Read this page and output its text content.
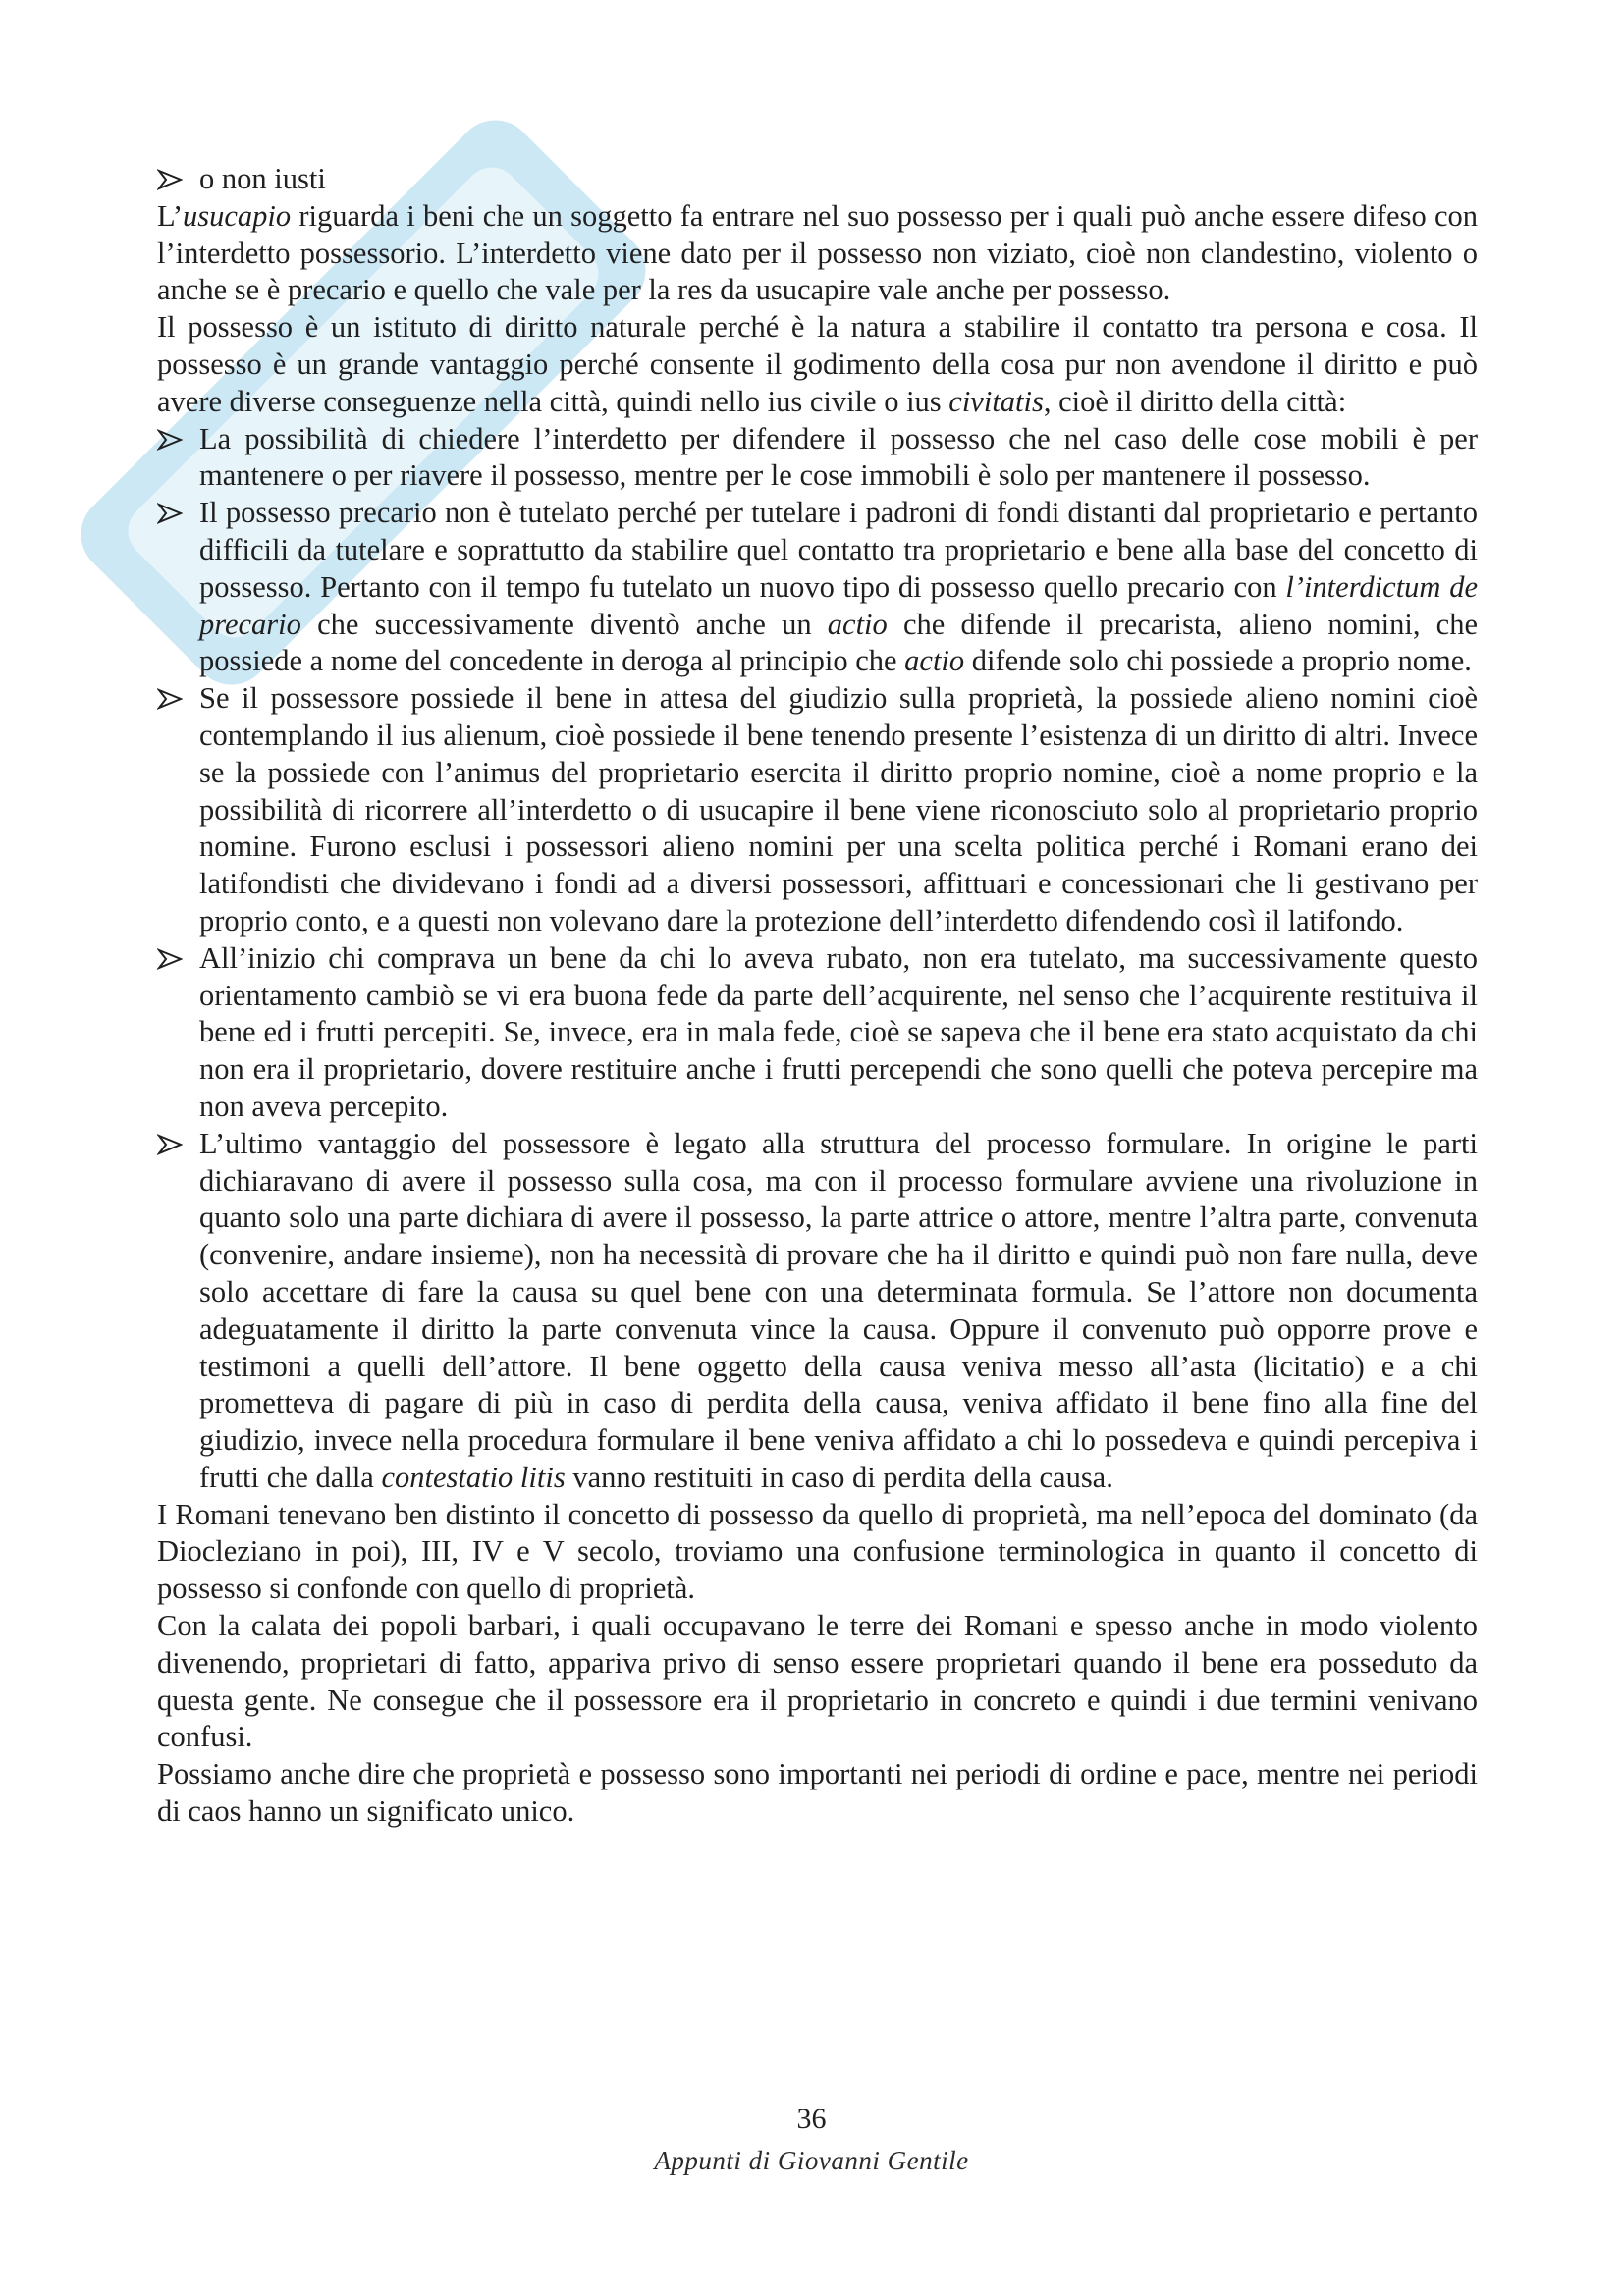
o non iusti

L’usucapio riguarda i beni che un soggetto fa entrare nel suo possesso per i quali può anche essere difeso con l’interdetto possessorio. L’interdetto viene dato per il possesso non viziato, cioè non clandestino, violento o anche se è precario e quello che vale per la res da usucapire vale anche per possesso.

Il possesso è un istituto di diritto naturale perché è la natura a stabilire il contatto tra persona e cosa. Il possesso è un grande vantaggio perché consente il godimento della cosa pur non avendone il diritto e può avere diverse conseguenze nella città, quindi nello ius civile o ius civitatis, cioè il diritto della città:

La possibilità di chiedere l’interdetto per difendere il possesso che nel caso delle cose mobili è per mantenere o per riavere il possesso, mentre per le cose immobili è solo per mantenere il possesso.
Il possesso precario non è tutelato perché per tutelare i padroni di fondi distanti dal proprietario e pertanto difficili da tutelare e soprattutto da stabilire quel contatto tra proprietario e bene alla base del concetto di possesso. Pertanto con il tempo fu tutelato un nuovo tipo di possesso quello precario con l’interdictum de precario che successivamente diventò anche un actio che difende il precarista, alieno nomini, che possiede a nome del concedente in deroga al principio che actio difende solo chi possiede a proprio nome.
Se il possessore possiede il bene in attesa del giudizio sulla proprietà, la possiede alieno nomini cioè contemplando il ius alienum, cioè possiede il bene tenendo presente l’esistenza di un diritto di altri. Invece se la possiede con l’animus del proprietario esercita il diritto proprio nomine, cioè a nome proprio e la possibilità di ricorrere all’interdetto o di usucapire il bene viene riconosciuto solo al proprietario proprio nomine. Furono esclusi i possessori alieno nomini per una scelta politica perché i Romani erano dei latifondisti che dividevano i fondi ad a diversi possessori, affittuari e concessionari che li gestivano per proprio conto, e a questi non volevano dare la protezione dell’interdetto difendendo così il latifondo.
All’inizio chi comprava un bene da chi lo aveva rubato, non era tutelato, ma successivamente questo orientamento cambiò se vi era buona fede da parte dell’acquirente, nel senso che l’acquirente restituiva il bene ed i frutti percepiti. Se, invece, era in mala fede, cioè se sapeva che il bene era stato acquistato da chi non era il proprietario, dovere restituire anche i frutti percependi che sono quelli che poteva percepire ma non aveva percepito.
L’ultimo vantaggio del possessore è legato alla struttura del processo formulare. In origine le parti dichiaravano di avere il possesso sulla cosa, ma con il processo formulare avviene una rivoluzione in quanto solo una parte dichiara di avere il possesso, la parte attrice o attore, mentre l’altra parte, convenuta (convenire, andare insieme), non ha necessità di provare che ha il diritto e quindi può non fare nulla, deve solo accettare di fare la causa su quel bene con una determinata formula. Se l’attore non documenta adeguatamente il diritto la parte convenuta vince la causa. Oppure il convenuto può opporre prove e testimoni a quelli dell’attore. Il bene oggetto della causa veniva messo all’asta (licitatio) e a chi prometteva di pagare di più in caso di perdita della causa, veniva affidato il bene fino alla fine del giudizio, invece nella procedura formulare il bene veniva affidato a chi lo possedeva e quindi percepiva i frutti che dalla contestatio litis vanno restituiti in caso di perdita della causa.

I Romani tenevano ben distinto il concetto di possesso da quello di proprietà, ma nell’epoca del dominato (da Diocleziano in poi), III, IV e V secolo, troviamo una confusione terminologica in quanto il concetto di possesso si confonde con quello di proprietà.

Con la calata dei popoli barbari, i quali occupavano le terre dei Romani e spesso anche in modo violento divenendo, proprietari di fatto, appariva privo di senso essere proprietari quando il bene era posseduto da questa gente. Ne consegue che il possessore era il proprietario in concreto e quindi i due termini venivano confusi.

Possiamo anche dire che proprietà e possesso sono importanti nei periodi di ordine e pace, mentre nei periodi di caos hanno un significato unico.

36
Appunti di Giovanni Gentile
